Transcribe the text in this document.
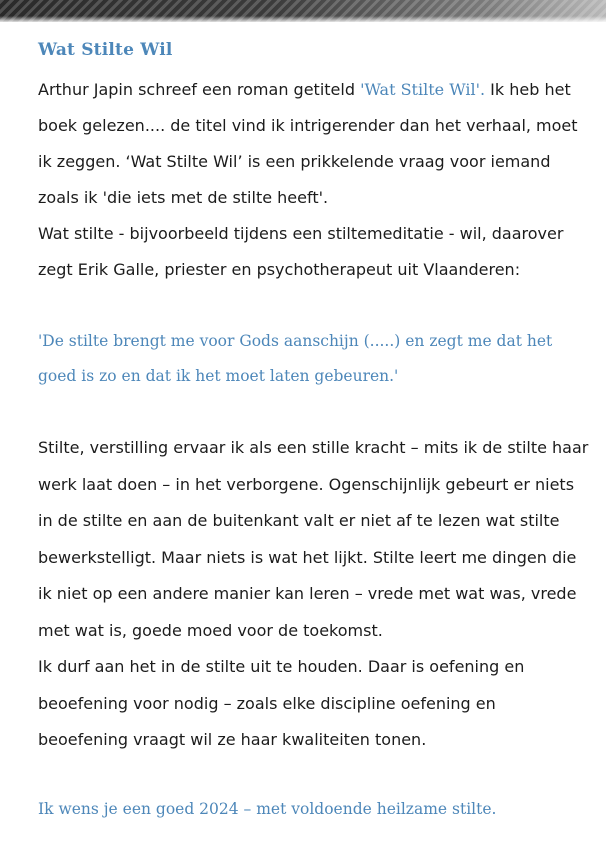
Wat Stilte Wil

Arthur Japin schreef een roman getiteld 'Wat Stilte Wil'. Ik heb het boek gelezen.... de titel vind ik intrigerender dan het verhaal, moet ik zeggen. ‘Wat Stilte Wil’ is een prikkelende vraag voor iemand zoals ik 'die iets met de stilte heeft'.
Wat stilte - bijvoorbeeld tijdens een stiltemeditatie - wil, daarover zegt Erik Galle, priester en psychotherapeut uit Vlaanderen:

'De stilte brengt me voor Gods aanschijn (.....) en zegt me dat het goed is zo en dat ik het moet laten gebeuren.'

Stilte, verstilling ervaar ik als een stille kracht – mits ik de stilte haar werk laat doen – in het verborgene. Ogenschijnlijk gebeurt er niets in de stilte en aan de buitenkant valt er niet af te lezen wat stilte bewerkstelligt. Maar niets is wat het lijkt. Stilte leert me dingen die ik niet op een andere manier kan leren – vrede met wat was, vrede met wat is, goede moed voor de toekomst.
Ik durf aan het in de stilte uit te houden. Daar is oefening en beoefening voor nodig – zoals elke discipline oefening en beoefening vraagt wil ze haar kwaliteiten tonen.

Ik wens je een goed 2024 – met voldoende heilzame stilte.
